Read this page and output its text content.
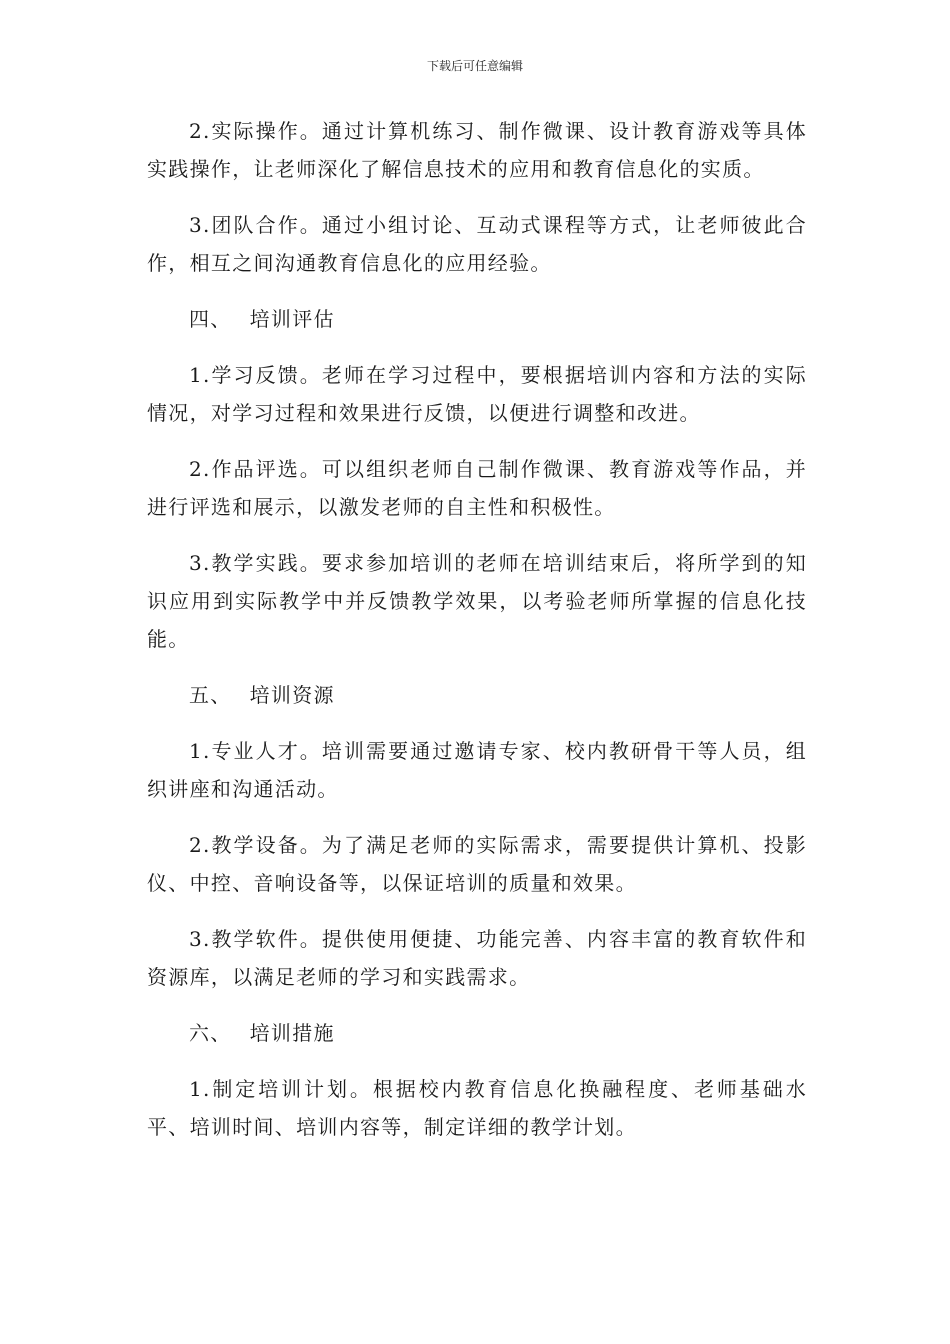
下载后可任意编辑

2.实际操作。通过计算机练习、制作微课、设计教育游戏等具体实践操作，让老师深化了解信息技术的应用和教育信息化的实质。

3.团队合作。通过小组讨论、互动式课程等方式，让老师彼此合作，相互之间沟通教育信息化的应用经验。

四、 培训评估

1.学习反馈。老师在学习过程中，要根据培训内容和方法的实际情况，对学习过程和效果进行反馈，以便进行调整和改进。

2.作品评选。可以组织老师自己制作微课、教育游戏等作品，并进行评选和展示，以激发老师的自主性和积极性。

3.教学实践。要求参加培训的老师在培训结束后，将所学到的知识应用到实际教学中并反馈教学效果，以考验老师所掌握的信息化技能。

五、 培训资源

1.专业人才。培训需要通过邀请专家、校内教研骨干等人员，组织讲座和沟通活动。

2.教学设备。为了满足老师的实际需求，需要提供计算机、投影仪、中控、音响设备等，以保证培训的质量和效果。

3.教学软件。提供使用便捷、功能完善、内容丰富的教育软件和资源库，以满足老师的学习和实践需求。

六、 培训措施

1.制定培训计划。根据校内教育信息化换融程度、老师基础水平、培训时间、培训内容等，制定详细的教学计划。
